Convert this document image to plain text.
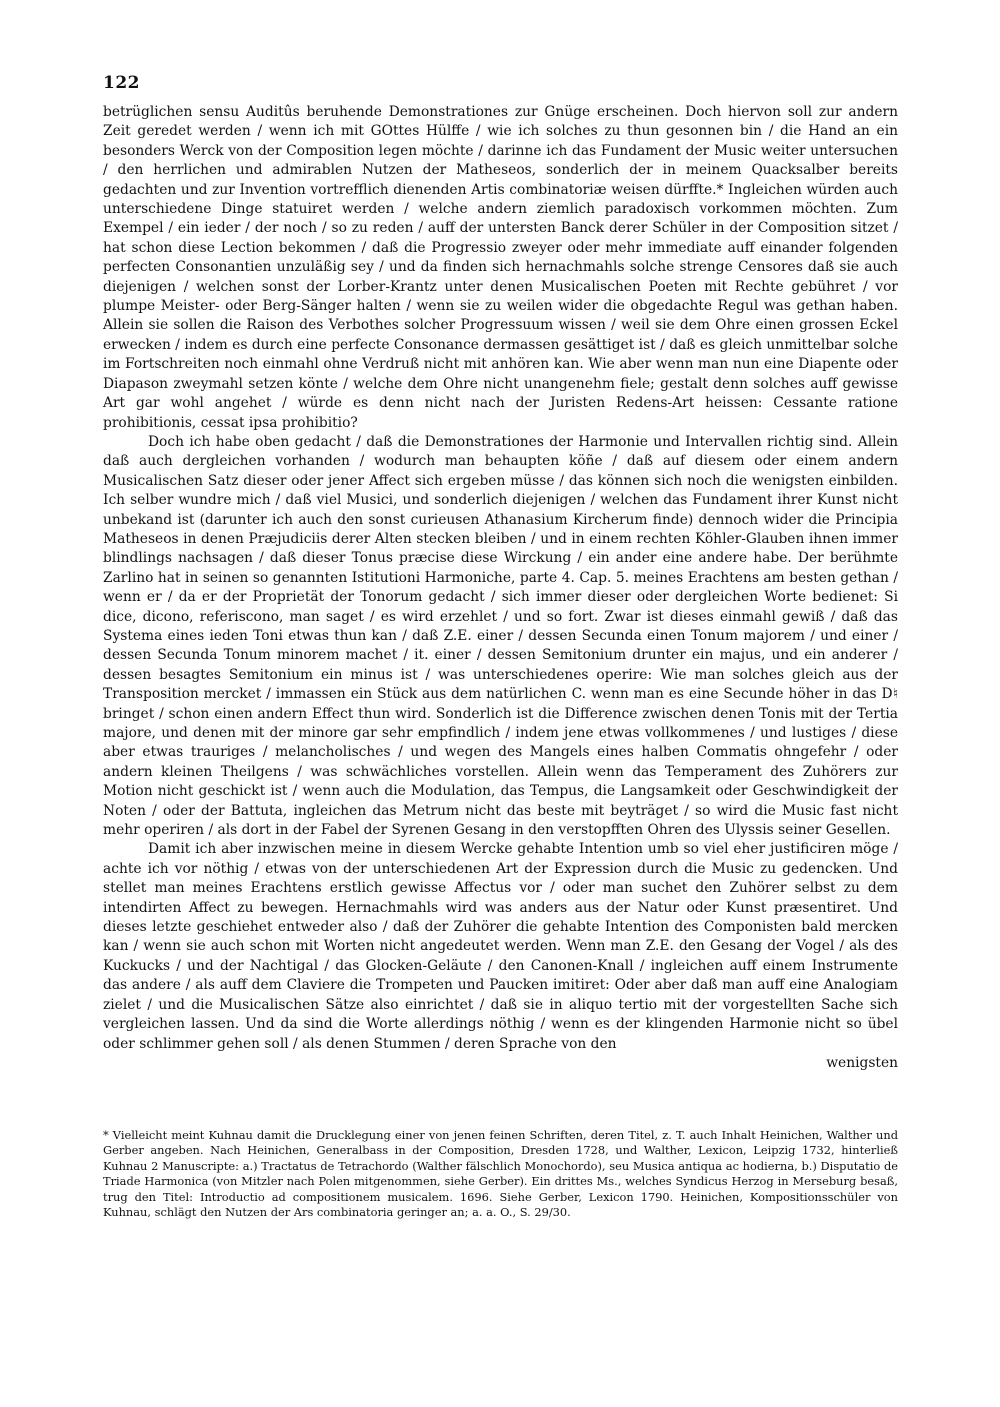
122

betrüglichen sensu Auditûs beruhende Demonstrationes zur Gnüge erscheinen. Doch hiervon soll zur andern Zeit geredet werden / wenn ich mit GOttes Hülffe / wie ich solches zu thun gesonnen bin / die Hand an ein besonders Werck von der Composition legen möchte / darinne ich das Fundament der Music weiter untersuchen / den herrlichen und admirablen Nutzen der Matheseos, sonderlich der in meinem Quacksalber bereits gedachten und zur Invention vortrefflich dienenden Artis combinatoriæ weisen dürffte.* Ingleichen würden auch unterschiedene Dinge statuiret werden / welche andern ziemlich paradoxisch vorkommen möchten. Zum Exempel / ein ieder / der noch / so zu reden / auff der untersten Banck derer Schüler in der Composition sitzet / hat schon diese Lection bekommen / daß die Progressio zweyer oder mehr immediate auff einander folgenden perfecten Consonantien unzuläßig sey / und da finden sich hernachmahls solche strenge Censores daß sie auch diejenigen / welchen sonst der Lorber-Krantz unter denen Musicalischen Poeten mit Rechte gebühret / vor plumpe Meister- oder Berg-Sänger halten / wenn sie zu weilen wider die obgedachte Regul was gethan haben. Allein sie sollen die Raison des Verbothes solcher Progressuum wissen / weil sie dem Ohre einen grossen Eckel erwecken / indem es durch eine perfecte Consonance dermassen gesättiget ist / daß es gleich unmittelbar solche im Fortschreiten noch einmahl ohne Verdruß nicht mit anhören kan. Wie aber wenn man nun eine Diapente oder Diapason zweymahl setzen könte / welche dem Ohre nicht unangenehm fiele; gestalt denn solches auff gewisse Art gar wohl angehet / würde es denn nicht nach der Juristen Redens-Art heissen: Cessante ratione prohibitionis, cessat ipsa prohibitio?

Doch ich habe oben gedacht / daß die Demonstrationes der Harmonie und Intervallen richtig sind. Allein daß auch dergleichen vorhanden / wodurch man behaupten köñe / daß auf diesem oder einem andern Musicalischen Satz dieser oder jener Affect sich ergeben müsse / das können sich noch die wenigsten einbilden. Ich selber wundre mich / daß viel Musici, und sonderlich diejenigen / welchen das Fundament ihrer Kunst nicht unbekand ist (darunter ich auch den sonst curieusen Athanasium Kircherum finde) dennoch wider die Principia Matheseos in denen Præjudiciis derer Alten stecken bleiben / und in einem rechten Köhler-Glauben ihnen immer blindlings nachsagen / daß dieser Tonus præcise diese Wirckung / ein ander eine andere habe. Der berühmte Zarlino hat in seinen so genannten Istitutioni Harmoniche, parte 4. Cap. 5. meines Erachtens am besten gethan / wenn er / da er der Proprietät der Tonorum gedacht / sich immer dieser oder dergleichen Worte bedienet: Si dice, dicono, referiscono, man saget / es wird erzehlet / und so fort. Zwar ist dieses einmahl gewiß / daß das Systema eines ieden Toni etwas thun kan / daß Z.E. einer / dessen Secunda einen Tonum majorem / und einer / dessen Secunda Tonum minorem machet / it. einer / dessen Semitonium drunter ein majus, und ein anderer / dessen besagtes Semitonium ein minus ist / was unterschiedenes operire: Wie man solches gleich aus der Transposition mercket / immassen ein Stück aus dem natürlichen C. wenn man es eine Secunde höher in das D♮ bringet / schon einen andern Effect thun wird. Sonderlich ist die Difference zwischen denen Tonis mit der Tertia majore, und denen mit der minore gar sehr empfindlich / indem jene etwas vollkommenes / und lustiges / diese aber etwas trauriges / melancholisches / und wegen des Mangels eines halben Commatis ohngefehr / oder andern kleinen Theilgens / was schwächliches vorstellen. Allein wenn das Temperament des Zuhörers zur Motion nicht geschickt ist / wenn auch die Modulation, das Tempus, die Langsamkeit oder Geschwindigkeit der Noten / oder der Battuta, ingleichen das Metrum nicht das beste mit beyträget / so wird die Music fast nicht mehr operiren / als dort in der Fabel der Syrenen Gesang in den verstopfften Ohren des Ulyssis seiner Gesellen.

Damit ich aber inzwischen meine in diesem Wercke gehabte Intention umb so viel eher justificiren möge / achte ich vor nöthig / etwas von der unterschiedenen Art der Expression durch die Music zu gedencken. Und stellet man meines Erachtens erstlich gewisse Affectus vor / oder man suchet den Zuhörer selbst zu dem intendirten Affect zu bewegen. Hernachmahls wird was anders aus der Natur oder Kunst præsentiret. Und dieses letzte geschiehet entweder also / daß der Zuhörer die gehabte Intention des Componisten bald mercken kan / wenn sie auch schon mit Worten nicht angedeutet werden. Wenn man Z.E. den Gesang der Vogel / als des Kuckucks / und der Nachtigal / das Glocken-Geläute / den Canonen-Knall / ingleichen auff einem Instrumente das andere / als auff dem Claviere die Trompeten und Paucken imitiret: Oder aber daß man auff eine Analogiam zielet / und die Musicalischen Sätze also einrichtet / daß sie in aliquo tertio mit der vorgestellten Sache sich vergleichen lassen. Und da sind die Worte allerdings nöthig / wenn es der klingenden Harmonie nicht so übel oder schlimmer gehen soll / als denen Stummen / deren Sprache von den

wenigsten

* Vielleicht meint Kuhnau damit die Drucklegung einer von jenen feinen Schriften, deren Titel, z. T. auch Inhalt Heinichen, Walther und Gerber angeben. Nach Heinichen, Generalbass in der Composition, Dresden 1728, und Walther, Lexicon, Leipzig 1732, hinterließ Kuhnau 2 Manuscripte: a.) Tractatus de Tetrachordo (Walther fälschlich Monochordo), seu Musica antiqua ac hodierna, b.) Disputatio de Triade Harmonica (von Mitzler nach Polen mitgenommen, siehe Gerber). Ein drittes Ms., welches Syndicus Herzog in Merseburg besaß, trug den Titel: Introductio ad compositionem musicalem. 1696. Siehe Gerber, Lexicon 1790. Heinichen, Kompositionsschüler von Kuhnau, schlägt den Nutzen der Ars combinatoria geringer an; a. a. O., S. 29/30.
